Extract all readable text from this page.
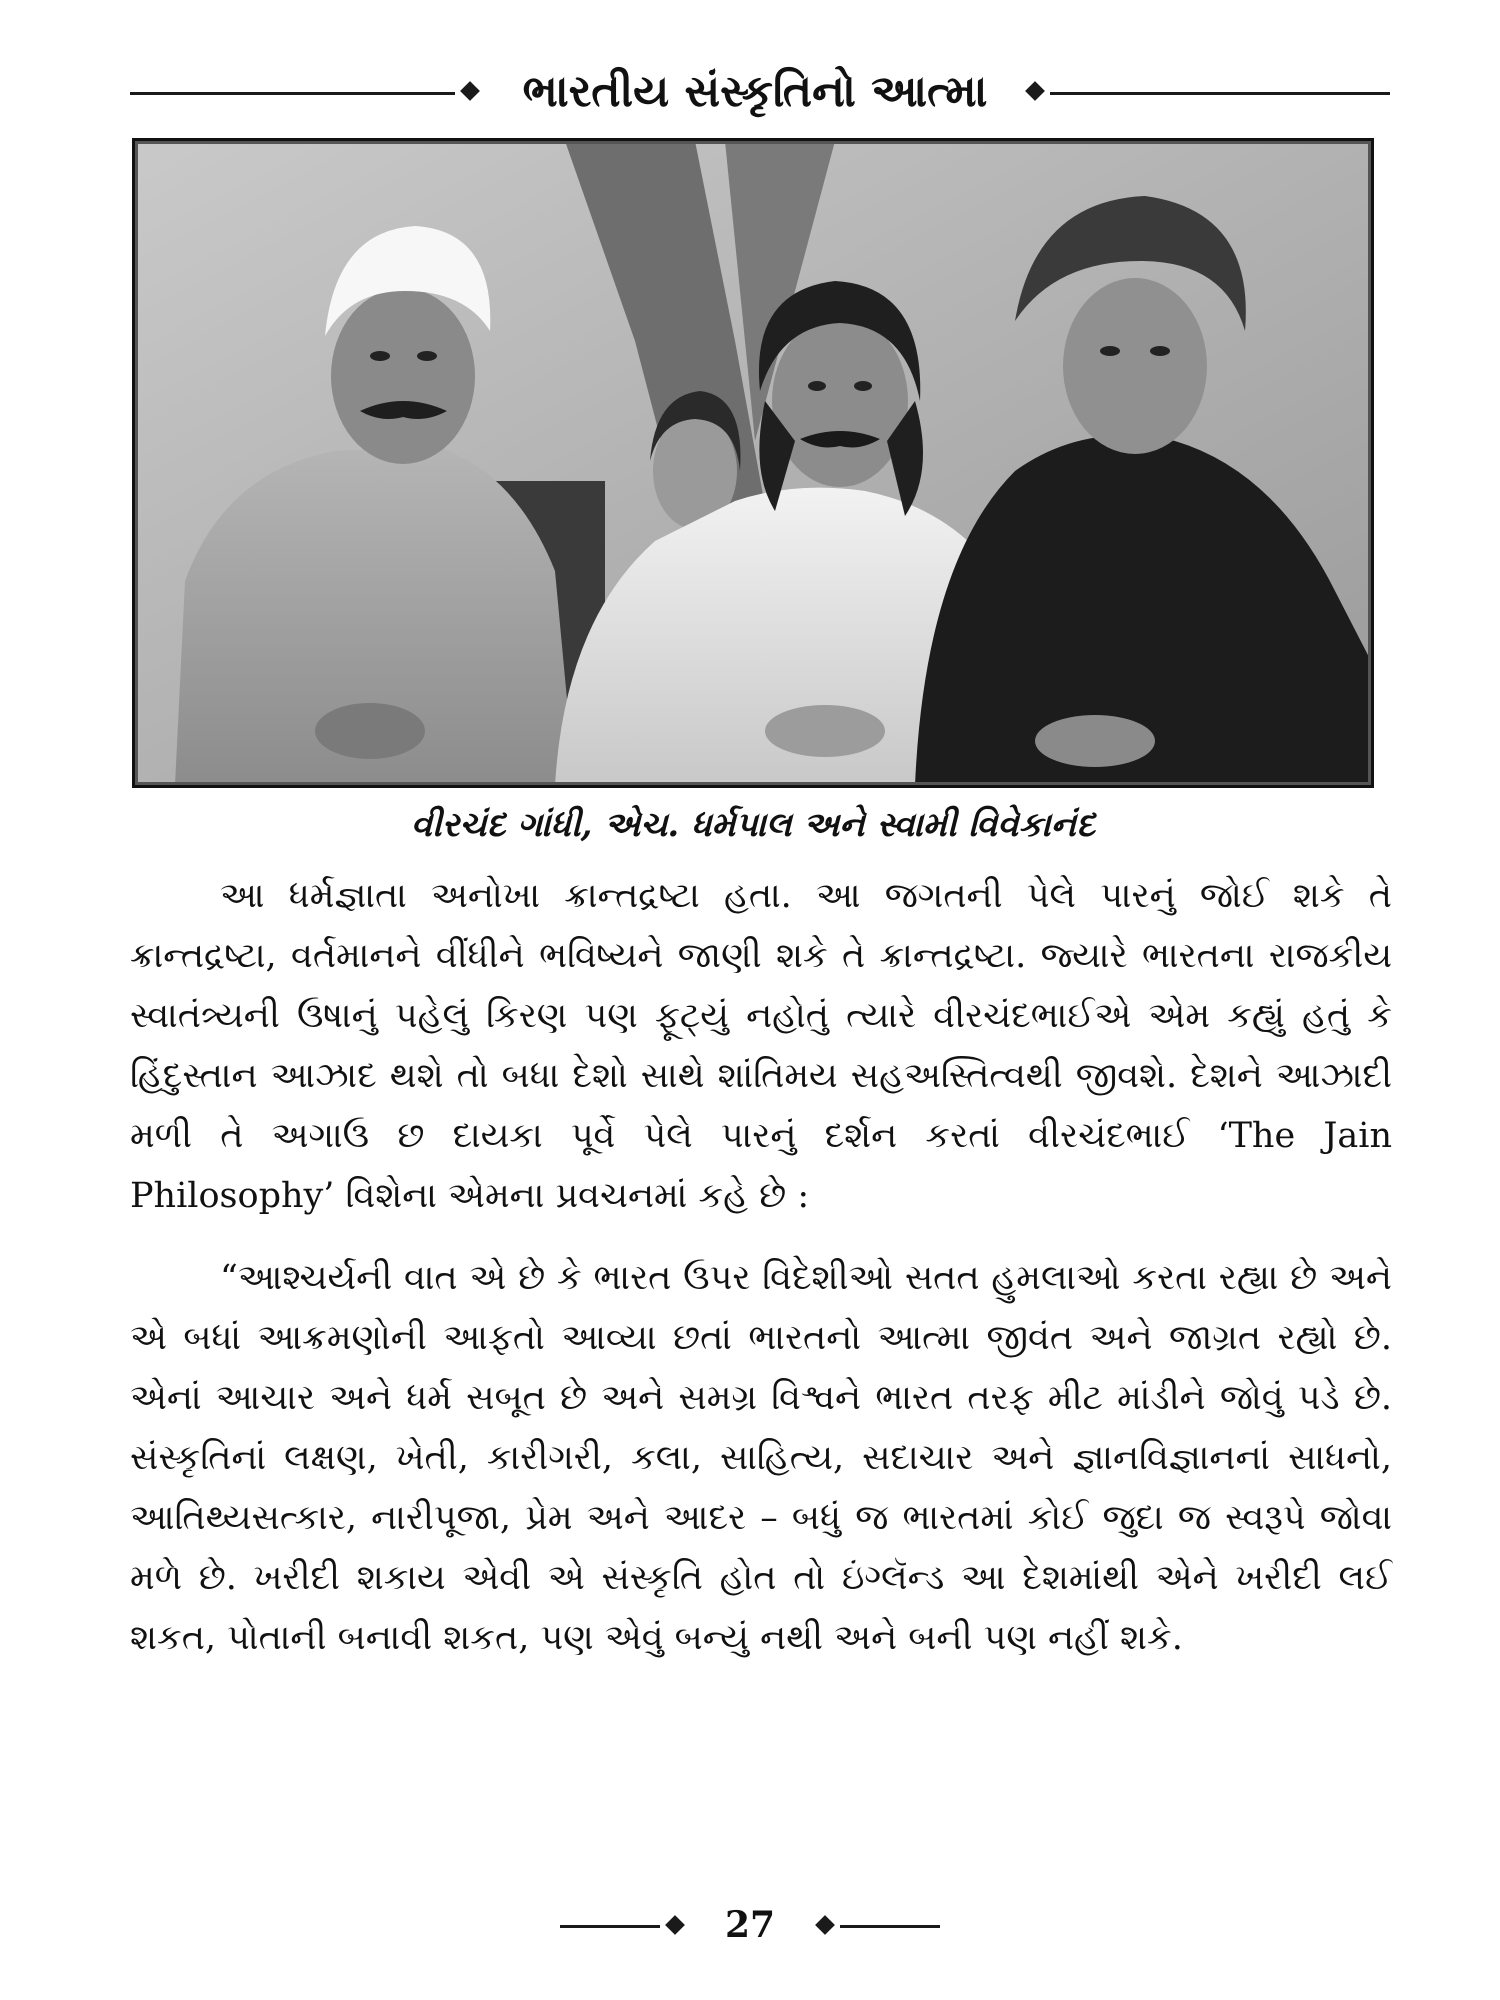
ભારતીય સંસ્કૃતિનો આત્મા
વીરચંદ ગાંધી, એચ. ધર્મપાલ અને સ્વામી વિવેકાનંદ

આ ધર્મજ્ઞાતા અનોખા ક્રાન્તદ્રષ્ટા હતા. આ જગતની પેલે પારનું જોઈ શકે તે ક્રાન્તદ્રષ્ટા, વર્તમાનને વીંધીને ભવિષ્યને જાણી શકે તે ક્રાન્તદ્રષ્ટા. જ્યારે ભારતના રાજકીય સ્વાતંત્ર્યની ઉષાનું પહેલું કિરણ પણ ફૂટ્યું નહોતું ત્યારે વીરચંદભાઈએ એમ કહ્યું હતું કે હિંદુસ્તાન આઝાદ થશે તો બધા દેશો સાથે શાંતિમય સહઅસ્તિત્વથી જીવશે. દેશને આઝાદી મળી તે અગાઉ છ દાયકા પૂર્વે પેલે પારનું દર્શન કરતાં વીરચંદભાઈ ‘The Jain Philosophy’ વિશેના એમના પ્રવચનમાં કહે છે :

“આશ્ચર્યની વાત એ છે કે ભારત ઉપર વિદેશીઓ સતત હુમલાઓ કરતા રહ્યા છે અને એ બધાં આક્રમણોની આફતો આવ્યા છતાં ભારતનો આત્મા જીવંત અને જાગ્રત રહ્યો છે. એનાં આચાર અને ધર્મ સબૂત છે અને સમગ્ર વિશ્વને ભારત તરફ મીટ માંડીને જોવું પડે છે. સંસ્કૃતિનાં લક્ષણ, ખેતી, કારીગરી, કલા, સાહિત્ય, સદાચાર અને જ્ઞાનવિજ્ઞાનનાં સાધનો, આતિથ્યસત્કાર, નારીપૂજા, પ્રેમ અને આદર – બધું જ ભારતમાં કોઈ જુદા જ સ્વરૂપે જોવા મળે છે. ખરીદી શકાય એવી એ સંસ્કૃતિ હોત તો ઇંગ્લૅન્ડ આ દેશમાંથી એને ખરીદી લઈ શકત, પોતાની બનાવી શકત, પણ એવું બન્યું નથી અને બની પણ નહીં શકે.

27
